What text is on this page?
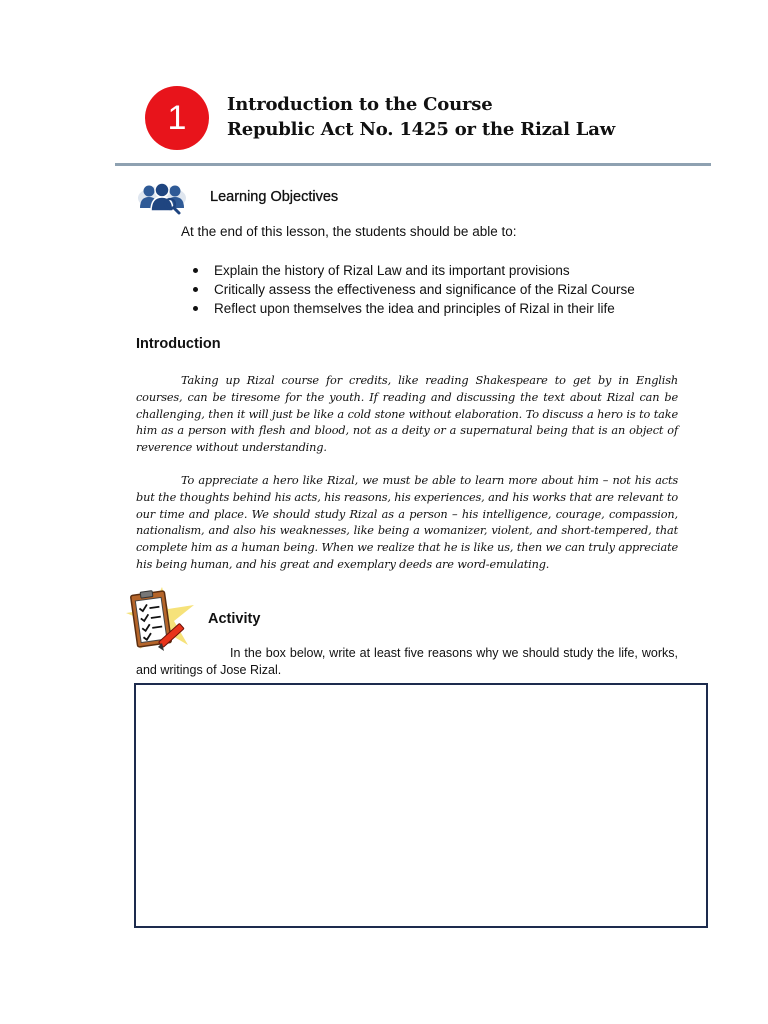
1	Introduction to the Course
Republic Act No. 1425 or the Rizal Law
Learning Objectives
At the end of this lesson, the students should be able to:
Explain the history of Rizal Law and its important provisions
Critically assess the effectiveness and significance of the Rizal Course
Reflect upon themselves the idea and principles of Rizal in their life
Introduction

Taking up Rizal course for credits, like reading Shakespeare to get by in English courses, can be tiresome for the youth. If reading and discussing the text about Rizal can be challenging, then it will just be like a cold stone without elaboration. To discuss a hero is to take him as a person with flesh and blood, not as a deity or a supernatural being that is an object of reverence without understanding.

To appreciate a hero like Rizal, we must be able to learn more about him – not his acts but the thoughts behind his acts, his reasons, his experiences, and his works that are relevant to our time and place. We should study Rizal as a person – his intelligence, courage, compassion, nationalism, and also his weaknesses, like being a womanizer, violent, and short-tempered, that complete him as a human being. When we realize that he is like us, then we can truly appreciate his being human, and his great and exemplary deeds are word-emulating.

Activity

In the box below, write at least five reasons why we should study the life, works, and writings of Jose Rizal.
